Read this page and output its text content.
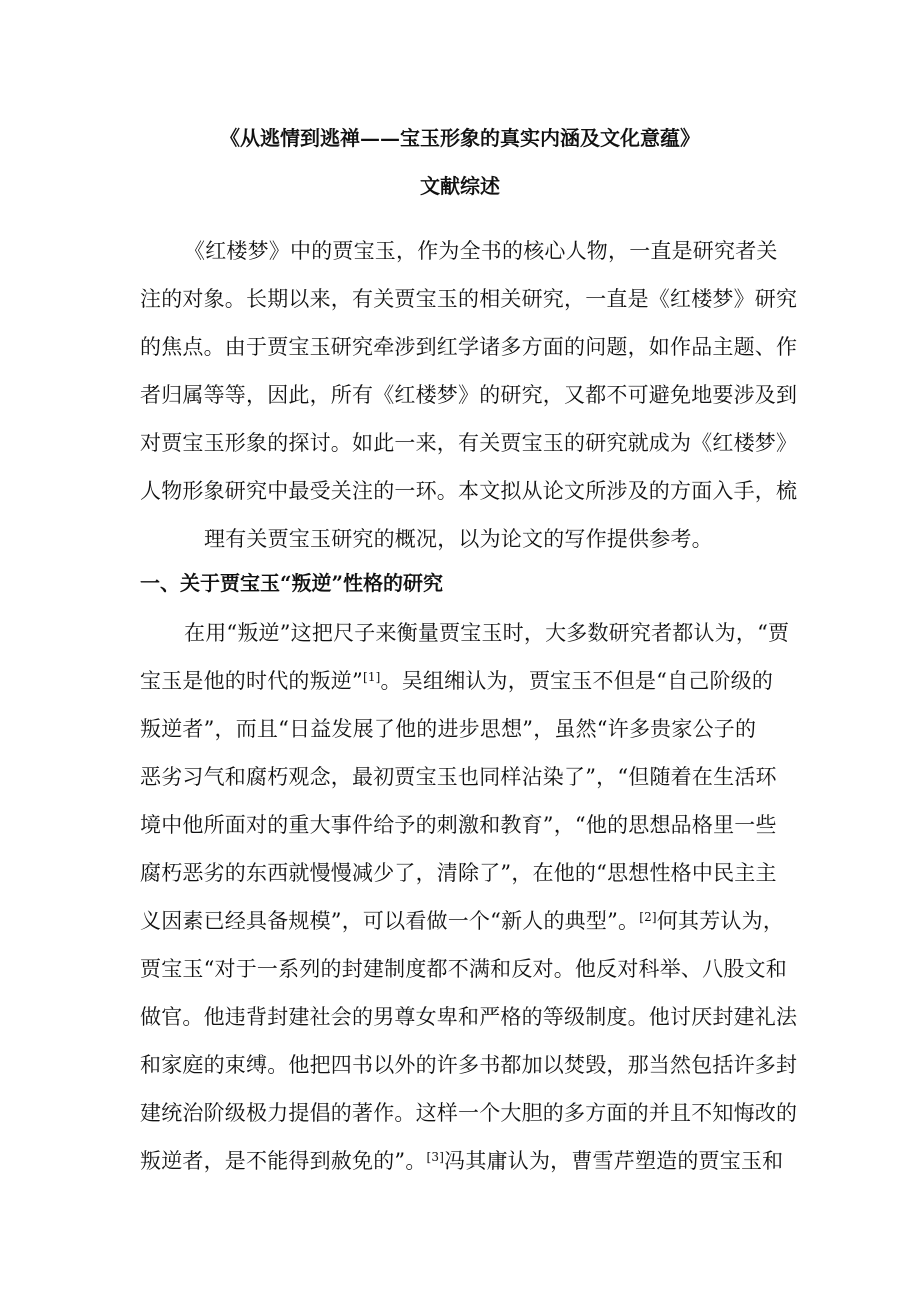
《从逃情到逃禅——宝玉形象的真实内涵及文化意蕴》
文献综述
《红楼梦》中的贾宝玉，作为全书的核心人物，一直是研究者关
注的对象。长期以来，有关贾宝玉的相关研究，一直是《红楼梦》研究
的焦点。由于贾宝玉研究牵涉到红学诸多方面的问题，如作品主题、作
者归属等等，因此，所有《红楼梦》的研究，又都不可避免地要涉及到
对贾宝玉形象的探讨。如此一来，有关贾宝玉的研究就成为《红楼梦》
人物形象研究中最受关注的一环。本文拟从论文所涉及的方面入手，梳
理有关贾宝玉研究的概况，以为论文的写作提供参考。
一、关于贾宝玉“叛逆”性格的研究
在用“叛逆”这把尺子来衡量贾宝玉时，大多数研究者都认为，“贾
宝玉是他的时代的叛逆”[1]。吴组缃认为，贾宝玉不但是“自己阶级的
叛逆者”，而且“日益发展了他的进步思想”，虽然“许多贵家公子的
恶劣习气和腐朽观念，最初贾宝玉也同样沾染了”，“但随着在生活环
境中他所面对的重大事件给予的刺激和教育”，“他的思想品格里一些
腐朽恶劣的东西就慢慢减少了，清除了”，在他的“思想性格中民主主
义因素已经具备规模”，可以看做一个“新人的典型”。[2]何其芳认为，
贾宝玉“对于一系列的封建制度都不满和反对。他反对科举、八股文和
做官。他违背封建社会的男尊女卑和严格的等级制度。他讨厌封建礼法
和家庭的束缚。他把四书以外的许多书都加以焚毁，那当然包括许多封
建统治阶级极力提倡的著作。这样一个大胆的多方面的并且不知悔改的
叛逆者，是不能得到赦免的”。[3]冯其庸认为，曹雪芹塑造的贾宝玉和
